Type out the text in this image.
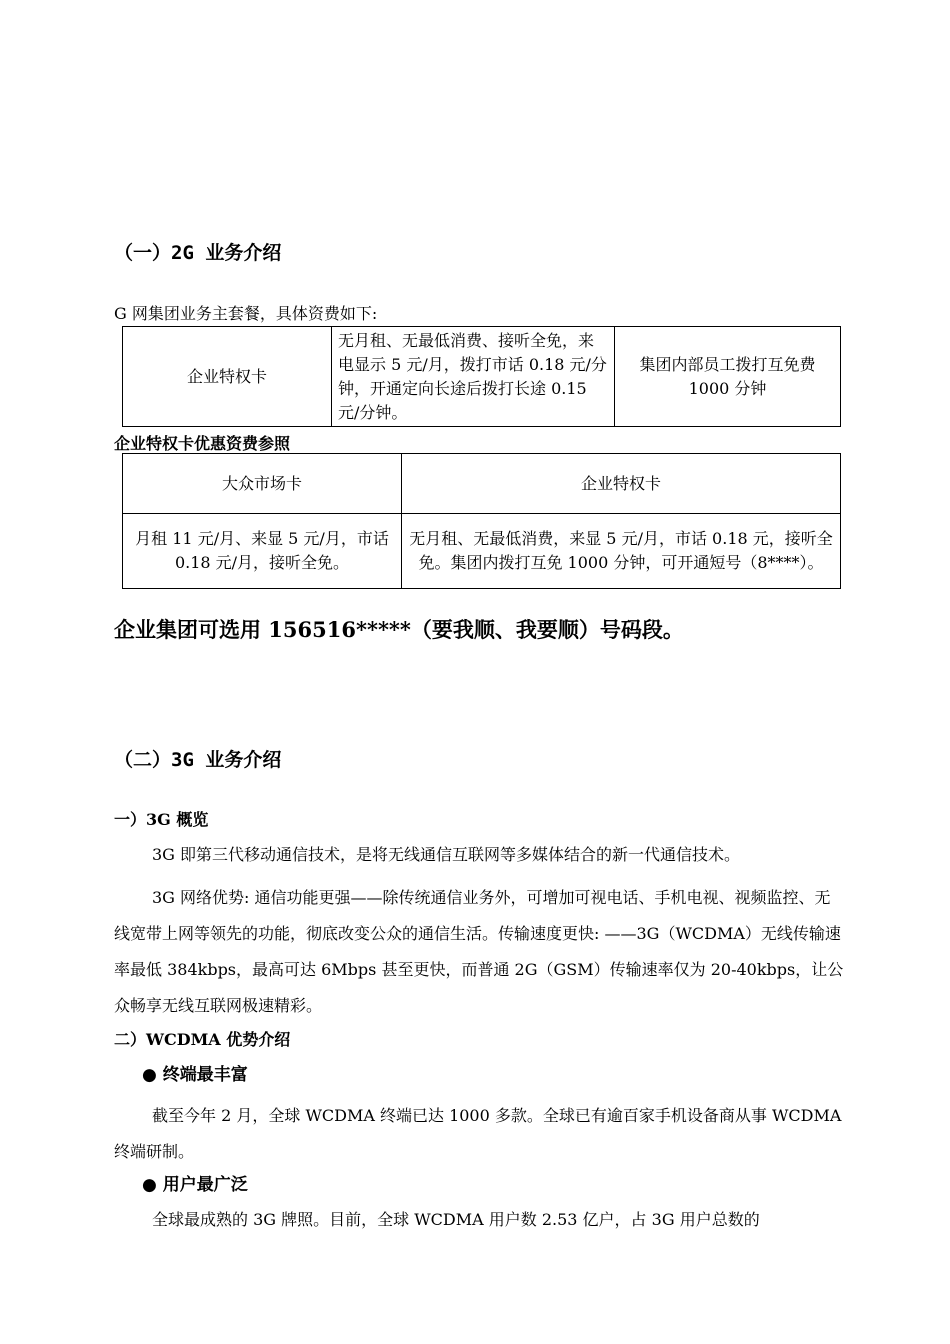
（一）2G 业务介绍
G 网集团业务主套餐，具体资费如下:
企业特权卡	无月租、无最低消费、接听全免，来电显示 5 元/月，拨打市话 0.18 元/分钟，开通定向长途后拨打长途 0.15 元/分钟。	集团内部员工拨打互免费 1000 分钟
企业特权卡优惠资费参照
大众市场卡	企业特权卡
月租 11 元/月、来显 5 元/月，市话 0.18 元/月，接听全免。	无月租、无最低消费，来显 5 元/月，市话 0.18 元，接听全免。集团内拨打互免 1000 分钟，可开通短号（8****）。
企业集团可选用 156516*****（要我顺、我要顺）号码段。
（二）3G 业务介绍
一）3G 概览
3G 即第三代移动通信技术，是将无线通信互联网等多媒体结合的新一代通信技术。
3G 网络优势: 通信功能更强——除传统通信业务外，可增加可视电话、手机电视、视频监控、无线宽带上网等领先的功能，彻底改变公众的通信生活。传输速度更快: ——3G（WCDMA）无线传输速率最低 384kbps，最高可达 6Mbps 甚至更快，而普通 2G（GSM）传输速率仅为 20-40kbps，让公众畅享无线互联网极速精彩。
二）WCDMA 优势介绍
● 终端最丰富
截至今年 2 月，全球 WCDMA 终端已达 1000 多款。全球已有逾百家手机设备商从事 WCDMA 终端研制。
● 用户最广泛
全球最成熟的 3G 牌照。目前，全球 WCDMA 用户数 2.53 亿户，占 3G 用户总数的
